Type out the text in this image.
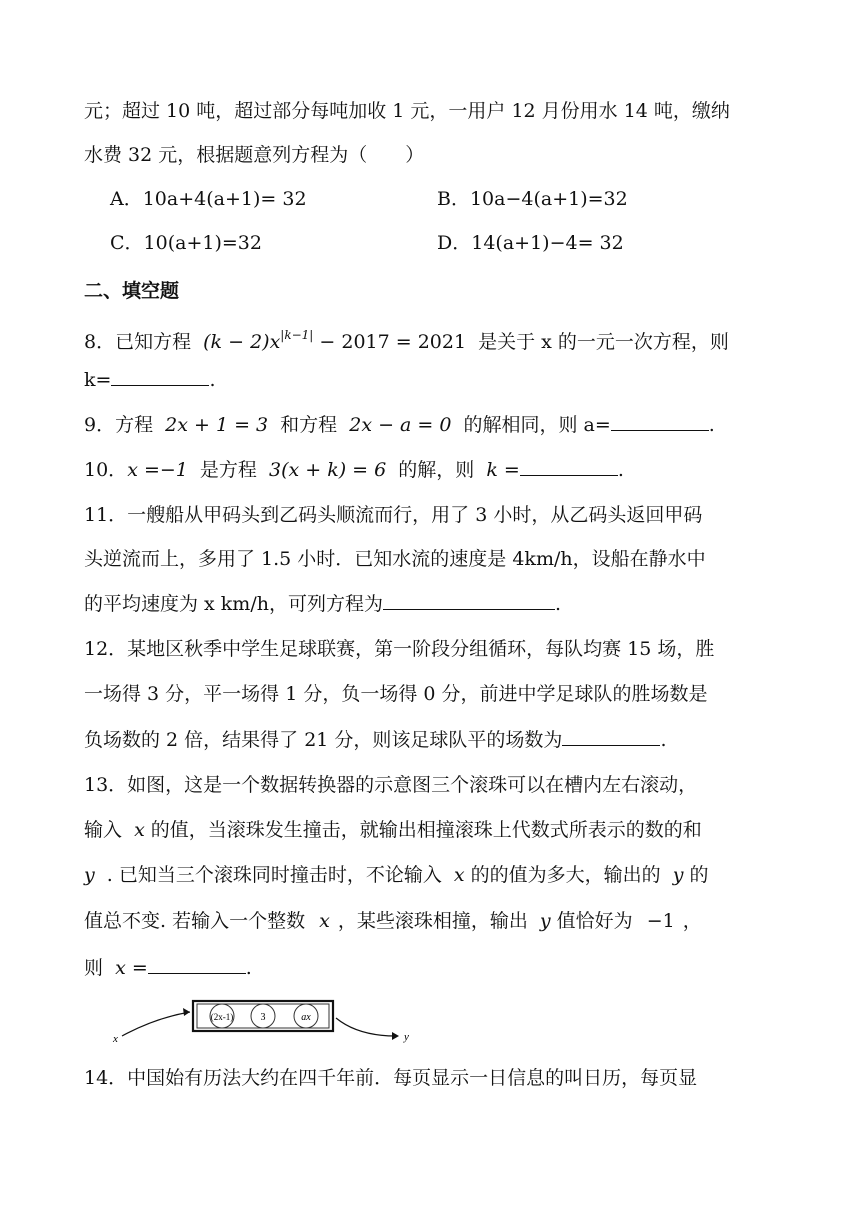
元；超过 10 吨，超过部分每吨加收 1 元，一用户 12 月份用水 14 吨，缴纳
水费 32 元，根据题意列方程为（　　）
A．10a+4(a+1)= 32	B．10a−4(a+1)=32
C．10(a+1)=32	D．14(a+1)−4= 32
二、填空题
8．已知方程 $(k - 2)x^{|k-1|} - 2017 = 2021$ 是关于 x 的一元一次方程，则
k=	.
9．方程 2x + 1 = 3 和方程 2x − a = 0 的解相同，则 a=	.
10．x =−1 是方程 3(x + k) = 6 的解，则 k =	.
11．一艘船从甲码头到乙码头顺流而行，用了 3 小时，从乙码头返回甲码
头逆流而上，多用了 1.5 小时．已知水流的速度是 4km/h，设船在静水中
的平均速度为 x km/h，可列方程为	.
12．某地区秋季中学生足球联赛，第一阶段分组循环，每队均赛 15 场，胜
一场得 3 分，平一场得 1 分，负一场得 0 分，前进中学足球队的胜场数是
负场数的 2 倍，结果得了 21 分，则该足球队平的场数为	.
13．如图，这是一个数据转换器的示意图三个滚珠可以在槽内左右滚动，
输入 x 的值，当滚珠发生撞击，就输出相撞滚珠上代数式所表示的数的和
y . 已知当三个滚珠同时撞击时，不论输入 x 的的值为多大，输出的 y 的
值总不变. 若输入一个整数 x ，某些滚珠相撞，输出 y 值恰好为 −1 ，
则 x =	.
x
(2x-1)	3	ax
y
14．中国始有历法大约在四千年前．每页显示一日信息的叫日历，每页显
